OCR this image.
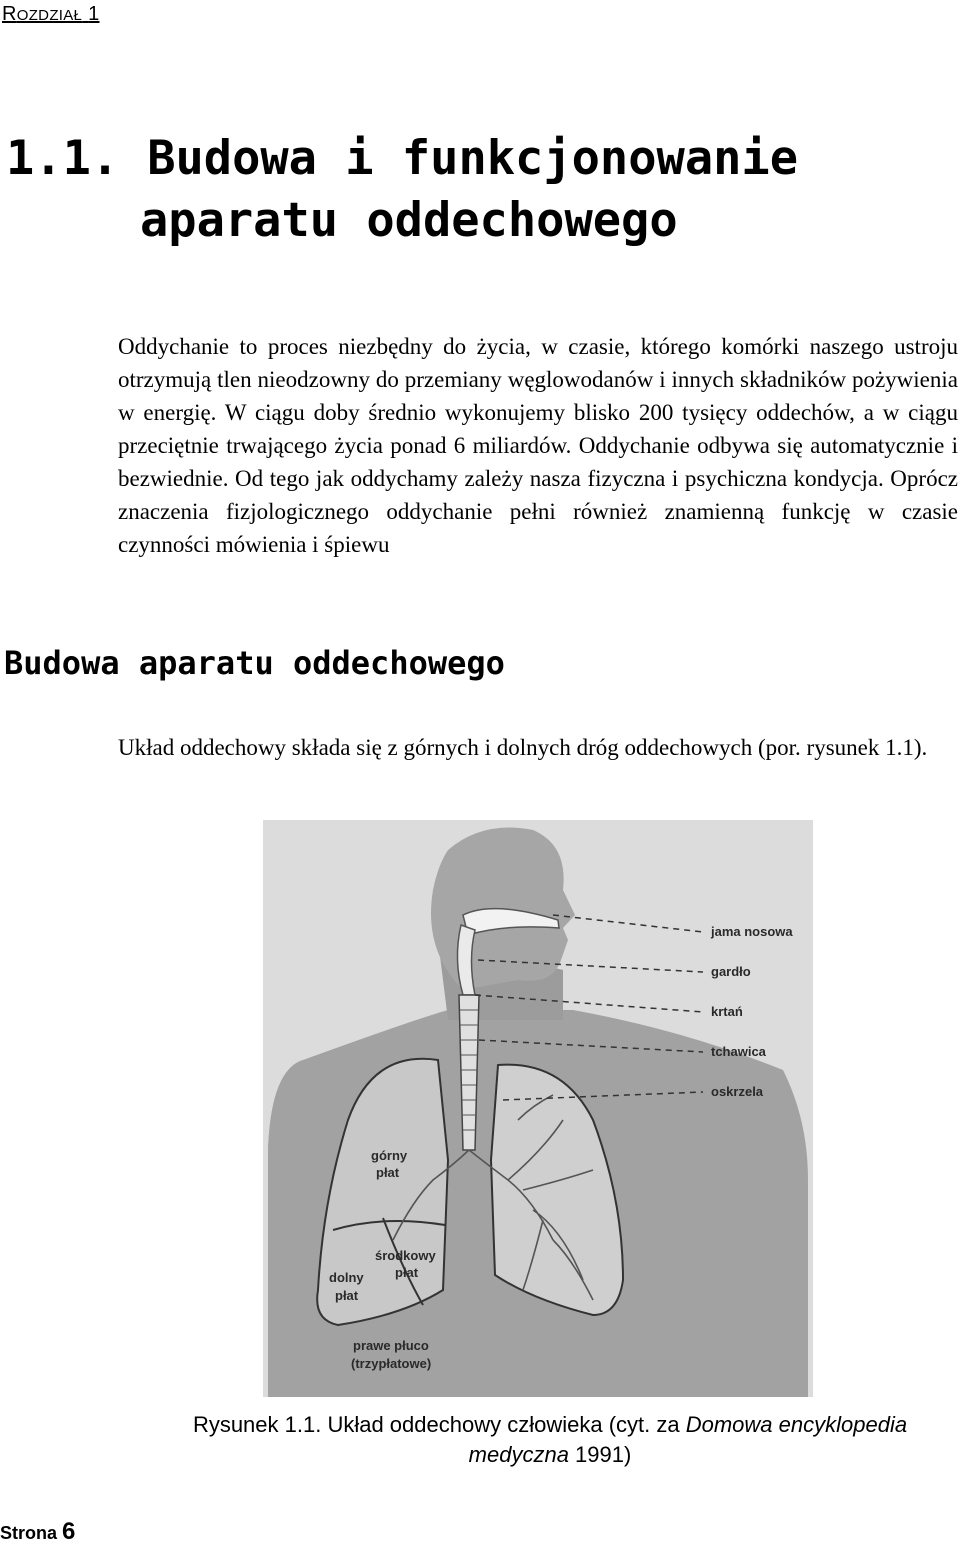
ROZDZIAŁ 1
1.1. Budowa i funkcjonowanie
aparatu oddechowego

Oddychanie to proces niezbędny do życia, w czasie, którego komórki naszego ustroju otrzymują tlen nieodzowny do przemiany węglowodanów i innych składników pożywienia w energię. W ciągu doby średnio wykonujemy blisko 200 tysięcy oddechów, a w ciągu przeciętnie trwającego życia ponad 6 miliardów. Oddychanie odbywa się automatycznie i bezwiednie. Od tego jak oddychamy zależy nasza fizyczna i psychiczna kondycja. Oprócz znaczenia fizjologicznego oddychanie pełni również znamienną funkcję w czasie czynności mówienia i śpiewu

Budowa aparatu oddechowego

Układ oddechowy składa się z górnych i dolnych dróg oddechowych (por. rysunek 1.1).

jama nosowa
gardło
krtań
tchawica
oskrzela
górny
płat
środkowy
płat
dolny
płat
prawe płuco
(trzypłatowe)

Rysunek 1.1. Układ oddechowy człowieka (cyt. za Domowa encyklopedia medyczna 1991)

Strona 6
